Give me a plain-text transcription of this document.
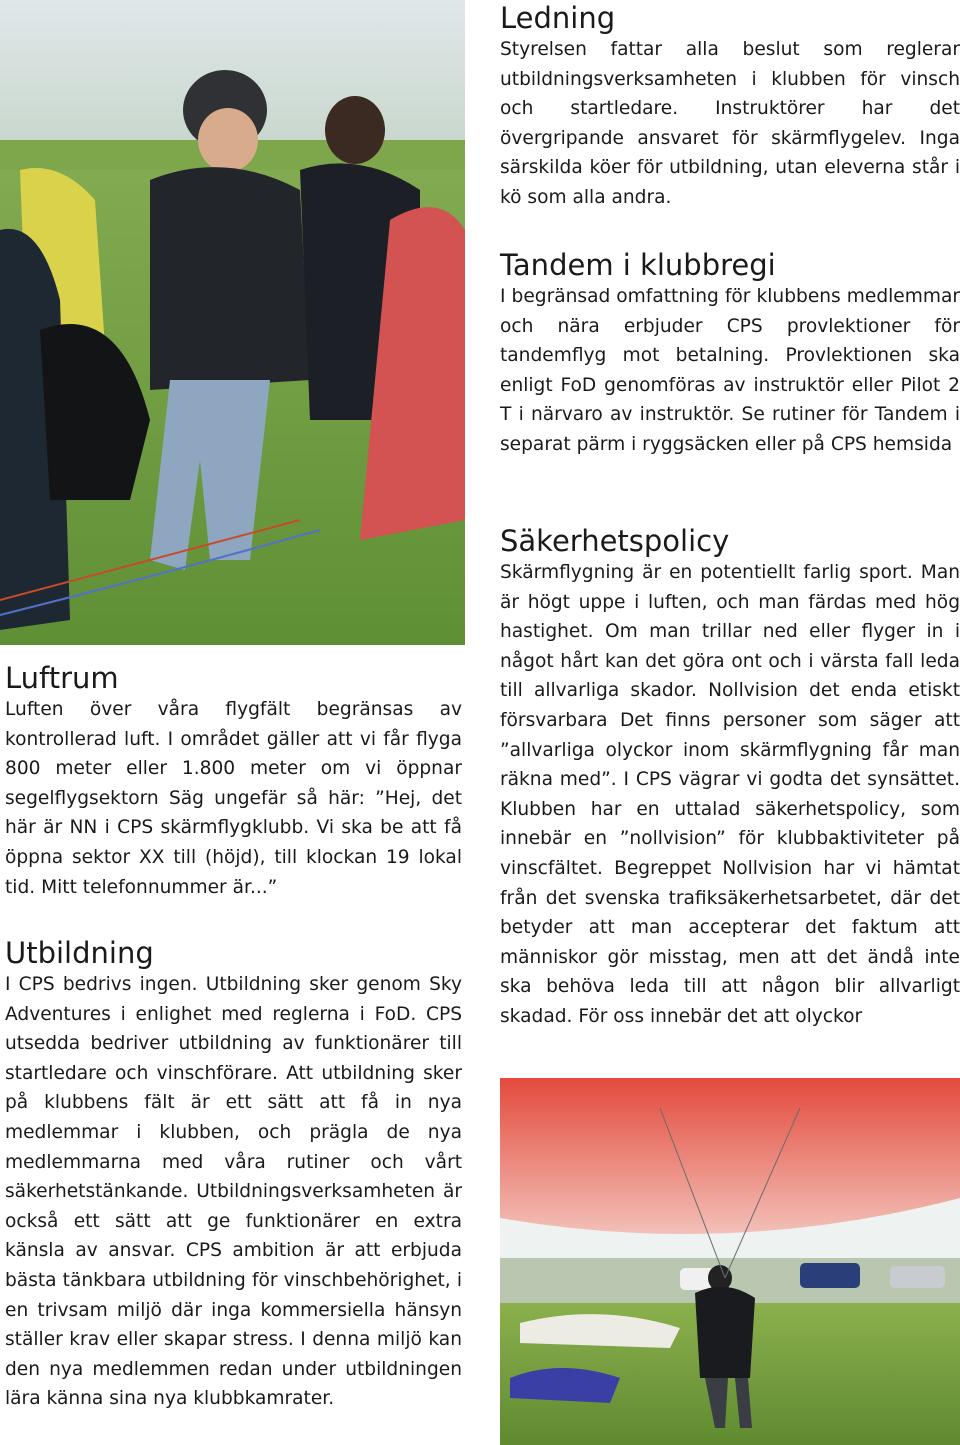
Ledning

Styrelsen fattar alla beslut som reglerar utbildningsverksamheten i klubben för vinsch och startledare. Instruktörer har det övergripande ansvaret för skärmflygelev. Inga särskilda köer för utbildning, utan eleverna står i kö som alla andra.

Tandem i klubbregi

I begränsad omfattning för klubbens medlemmar och nära erbjuder CPS provlektioner för tandemflyg mot betalning. Provlektionen ska enligt FoD genomföras av instruktör eller Pilot 2 T i närvaro av instruktör. Se rutiner för Tandem i separat pärm i ryggsäcken eller på CPS hemsida

Säkerhetspolicy

Skärmflygning är en potentiellt farlig sport. Man är högt uppe i luften, och man färdas med hög hastighet. Om man trillar ned eller flyger in i något hårt kan det göra ont och i värsta fall leda till allvarliga skador. Nollvision det enda etiskt försvarbara Det finns personer som säger att ”allvarliga olyckor inom skärmflygning får man räkna med”. I CPS vägrar vi godta det synsättet. Klubben har en uttalad säkerhetspolicy, som innebär en ”nollvision” för klubbaktiviteter på vinscfältet. Begreppet Nollvision har vi hämtat från det svenska trafiksäkerhetsarbetet, där det betyder att man accepterar det faktum att människor gör misstag, men att det ändå inte ska behöva leda till att någon blir allvarligt skadad. För oss innebär det att olyckor

Luftrum

Luften över våra flygfält begränsas av kontrollerad luft. I området gäller att vi får flyga 800 meter eller 1.800 meter om vi öppnar segelflygsektorn Säg ungefär så här: ”Hej, det här är NN i CPS skärmflygklubb. Vi ska be att få öppna sektor XX till (höjd), till klockan 19 lokal tid. Mitt telefonnummer är...”

Utbildning

I CPS bedrivs ingen. Utbildning sker genom Sky Adventures i enlighet med reglerna i FoD. CPS utsedda bedriver utbildning av funktionärer till startledare och vinschförare. Att utbildning sker på klubbens fält är ett sätt att få in nya medlemmar i klubben, och prägla de nya medlemmarna med våra rutiner och vårt säkerhetstänkande. Utbildningsverksamheten är också ett sätt att ge funktionärer en extra känsla av ansvar. CPS ambition är att erbjuda bästa tänkbara utbildning för vinschbehörighet, i en trivsam miljö där inga kommersiella hänsyn ställer krav eller skapar stress. I denna miljö kan den nya medlemmen redan under utbildningen lära känna sina nya klubbkamrater.
